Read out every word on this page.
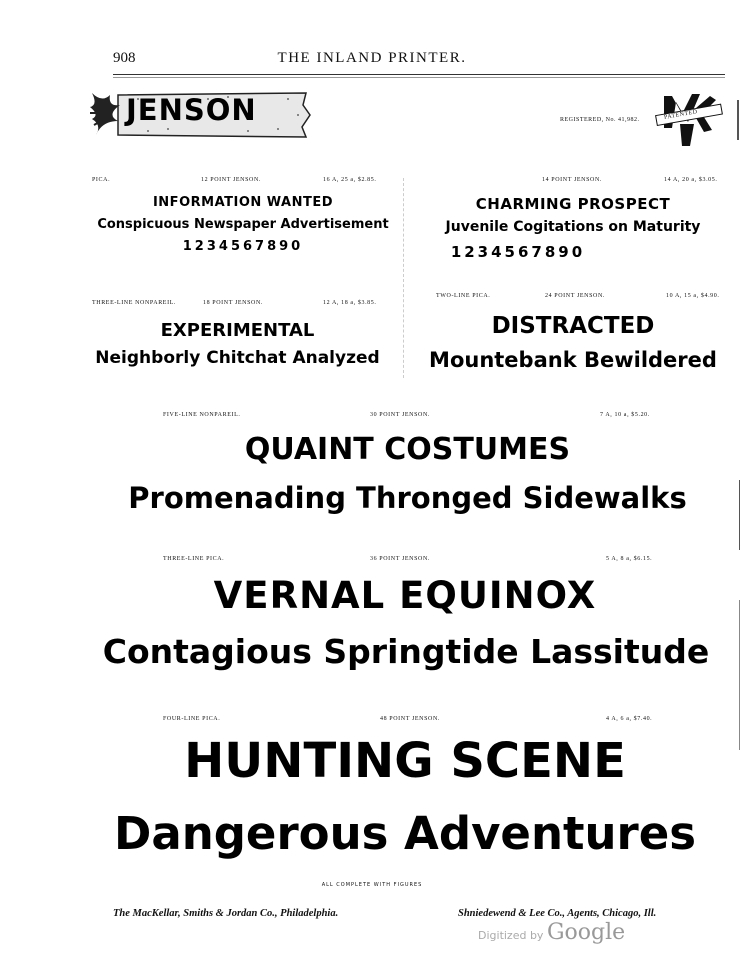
908	THE INLAND PRINTER.
JENSON	REGISTERED, No. 41,982.	PATENTED
PICA.	12 POINT JENSON.	16 A, 25 a, $2.85.
INFORMATION WANTED
Conspicuous Newspaper Advertisement
1234567890
14 POINT JENSON.	14 A, 20 a, $3.05.
CHARMING PROSPECT
Juvenile Cogitations on Maturity
1234567890
THREE-LINE NONPAREIL.	18 POINT JENSON.	12 A, 18 a, $3.85.
EXPERIMENTAL
Neighborly Chitchat Analyzed
TWO-LINE PICA.	24 POINT JENSON.	10 A, 15 a, $4.90.
DISTRACTED
Mountebank Bewildered
FIVE-LINE NONPAREIL.	30 POINT JENSON.	7 A, 10 a, $5.20.
QUAINT COSTUMES
Promenading Thronged Sidewalks
THREE-LINE PICA.	36 POINT JENSON.	5 A, 8 a, $6.15.
VERNAL EQUINOX
Contagious Springtide Lassitude
FOUR-LINE PICA.	48 POINT JENSON.	4 A, 6 a, $7.40.
HUNTING SCENE
Dangerous Adventures
ALL COMPLETE WITH FIGURES
The MacKellar, Smiths & Jordan Co., Philadelphia.	Shniedewend & Lee Co., Agents, Chicago, Ill.
Digitized by Google
